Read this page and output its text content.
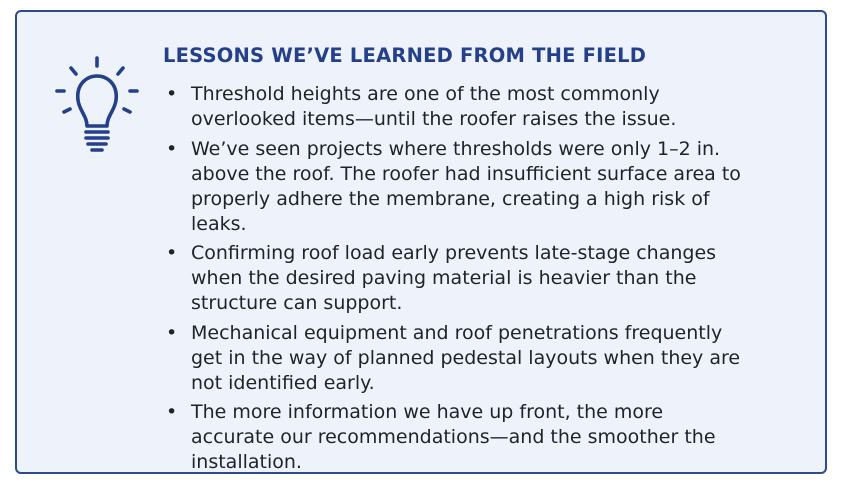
LESSONS WE’VE LEARNED FROM THE FIELD
• Threshold heights are one of the most commonly overlooked items—until the roofer raises the issue.
• We’ve seen projects where thresholds were only 1–2 in. above the roof. The roofer had insufficient surface area to properly adhere the membrane, creating a high risk of leaks.
• Confirming roof load early prevents late-stage changes when the desired paving material is heavier than the structure can support.
• Mechanical equipment and roof penetrations frequently get in the way of planned pedestal layouts when they are not identified early.
• The more information we have up front, the more accurate our recommendations—and the smoother the installation.
